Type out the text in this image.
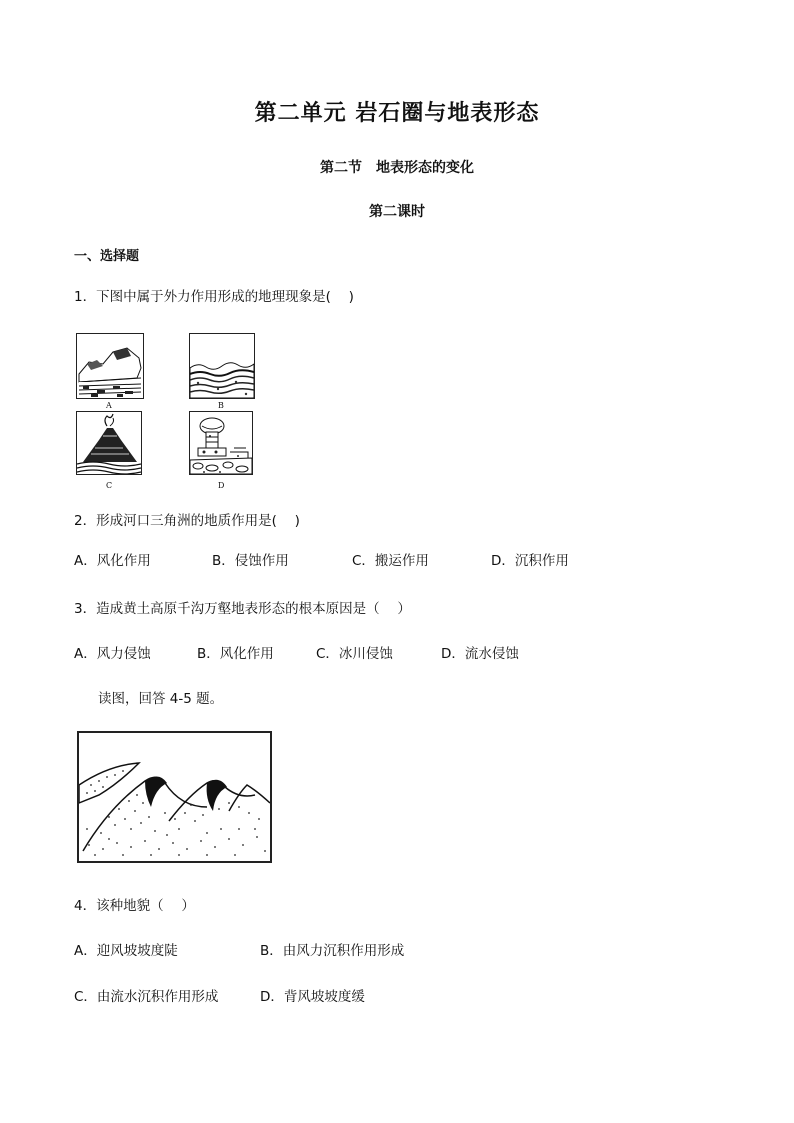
第二单元 岩石圈与地表形态
第二节　地表形态的变化
第二课时
一、选择题
1．下图中属于外力作用形成的地理现象是(　 )
A	B
C	D
2．形成河口三角洲的地质作用是(　 )
A．风化作用	B．侵蚀作用	C．搬运作用	D．沉积作用
3．造成黄土高原千沟万壑地表形态的根本原因是（　 ）
A．风力侵蚀	B．风化作用	C．冰川侵蚀	D．流水侵蚀
读图，回答 4-5 题。
4．该种地貌（　 ）
A．迎风坡坡度陡	B．由风力沉积作用形成
C．由流水沉积作用形成	D．背风坡坡度缓
